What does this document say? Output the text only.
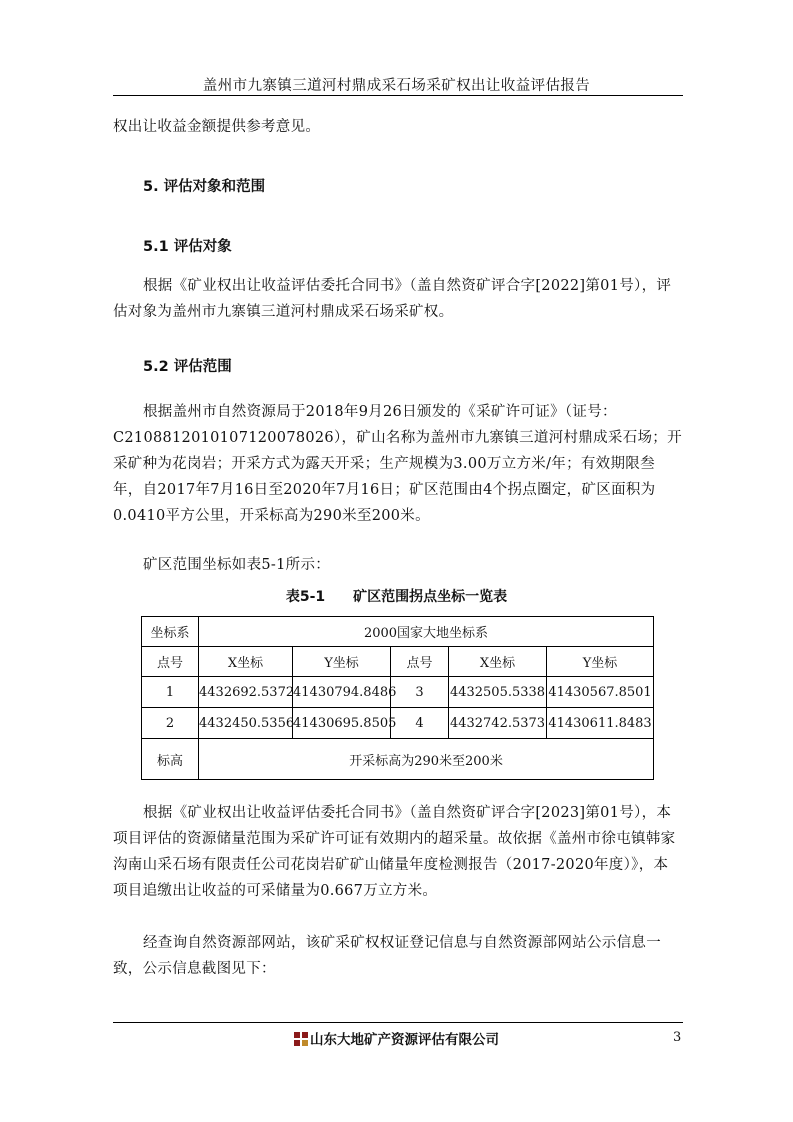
盖州市九寨镇三道河村鼎成采石场采矿权出让收益评估报告

权出让收益金额提供参考意见。

5. 评估对象和范围

5.1 评估对象

根据《矿业权出让收益评估委托合同书》（盖自然资矿评合字[2022]第01号），评估对象为盖州市九寨镇三道河村鼎成采石场采矿权。

5.2 评估范围

根据盖州市自然资源局于2018年9月26日颁发的《采矿许可证》（证号：C2108812010107120078026），矿山名称为盖州市九寨镇三道河村鼎成采石场；开采矿种为花岗岩；开采方式为露天开采；生产规模为3.00万立方米/年；有效期限叁年，自2017年7月16日至2020年7月16日；矿区范围由4个拐点圈定，矿区面积为0.0410平方公里，开采标高为290米至200米。

矿区范围坐标如表5-1所示：

表5-1 矿区范围拐点坐标一览表
坐标系	2000国家大地坐标系				
点号	X坐标	Y坐标	点号	X坐标	Y坐标
1	4432692.5372	41430794.8486	3	4432505.5338	41430567.8501
2	4432450.5356	41430695.8505	4	4432742.5373	41430611.8483
标高	开采标高为290米至200米				

根据《矿业权出让收益评估委托合同书》（盖自然资矿评合字[2023]第01号），本项目评估的资源储量范围为采矿许可证有效期内的超采量。故依据《盖州市徐屯镇韩家沟南山采石场有限责任公司花岗岩矿矿山储量年度检测报告（2017-2020年度）》，本项目追缴出让收益的可采储量为0.667万立方米。

经查询自然资源部网站，该矿采矿权权证登记信息与自然资源部网站公示信息一致，公示信息截图见下：

山东大地矿产资源评估有限公司	3
